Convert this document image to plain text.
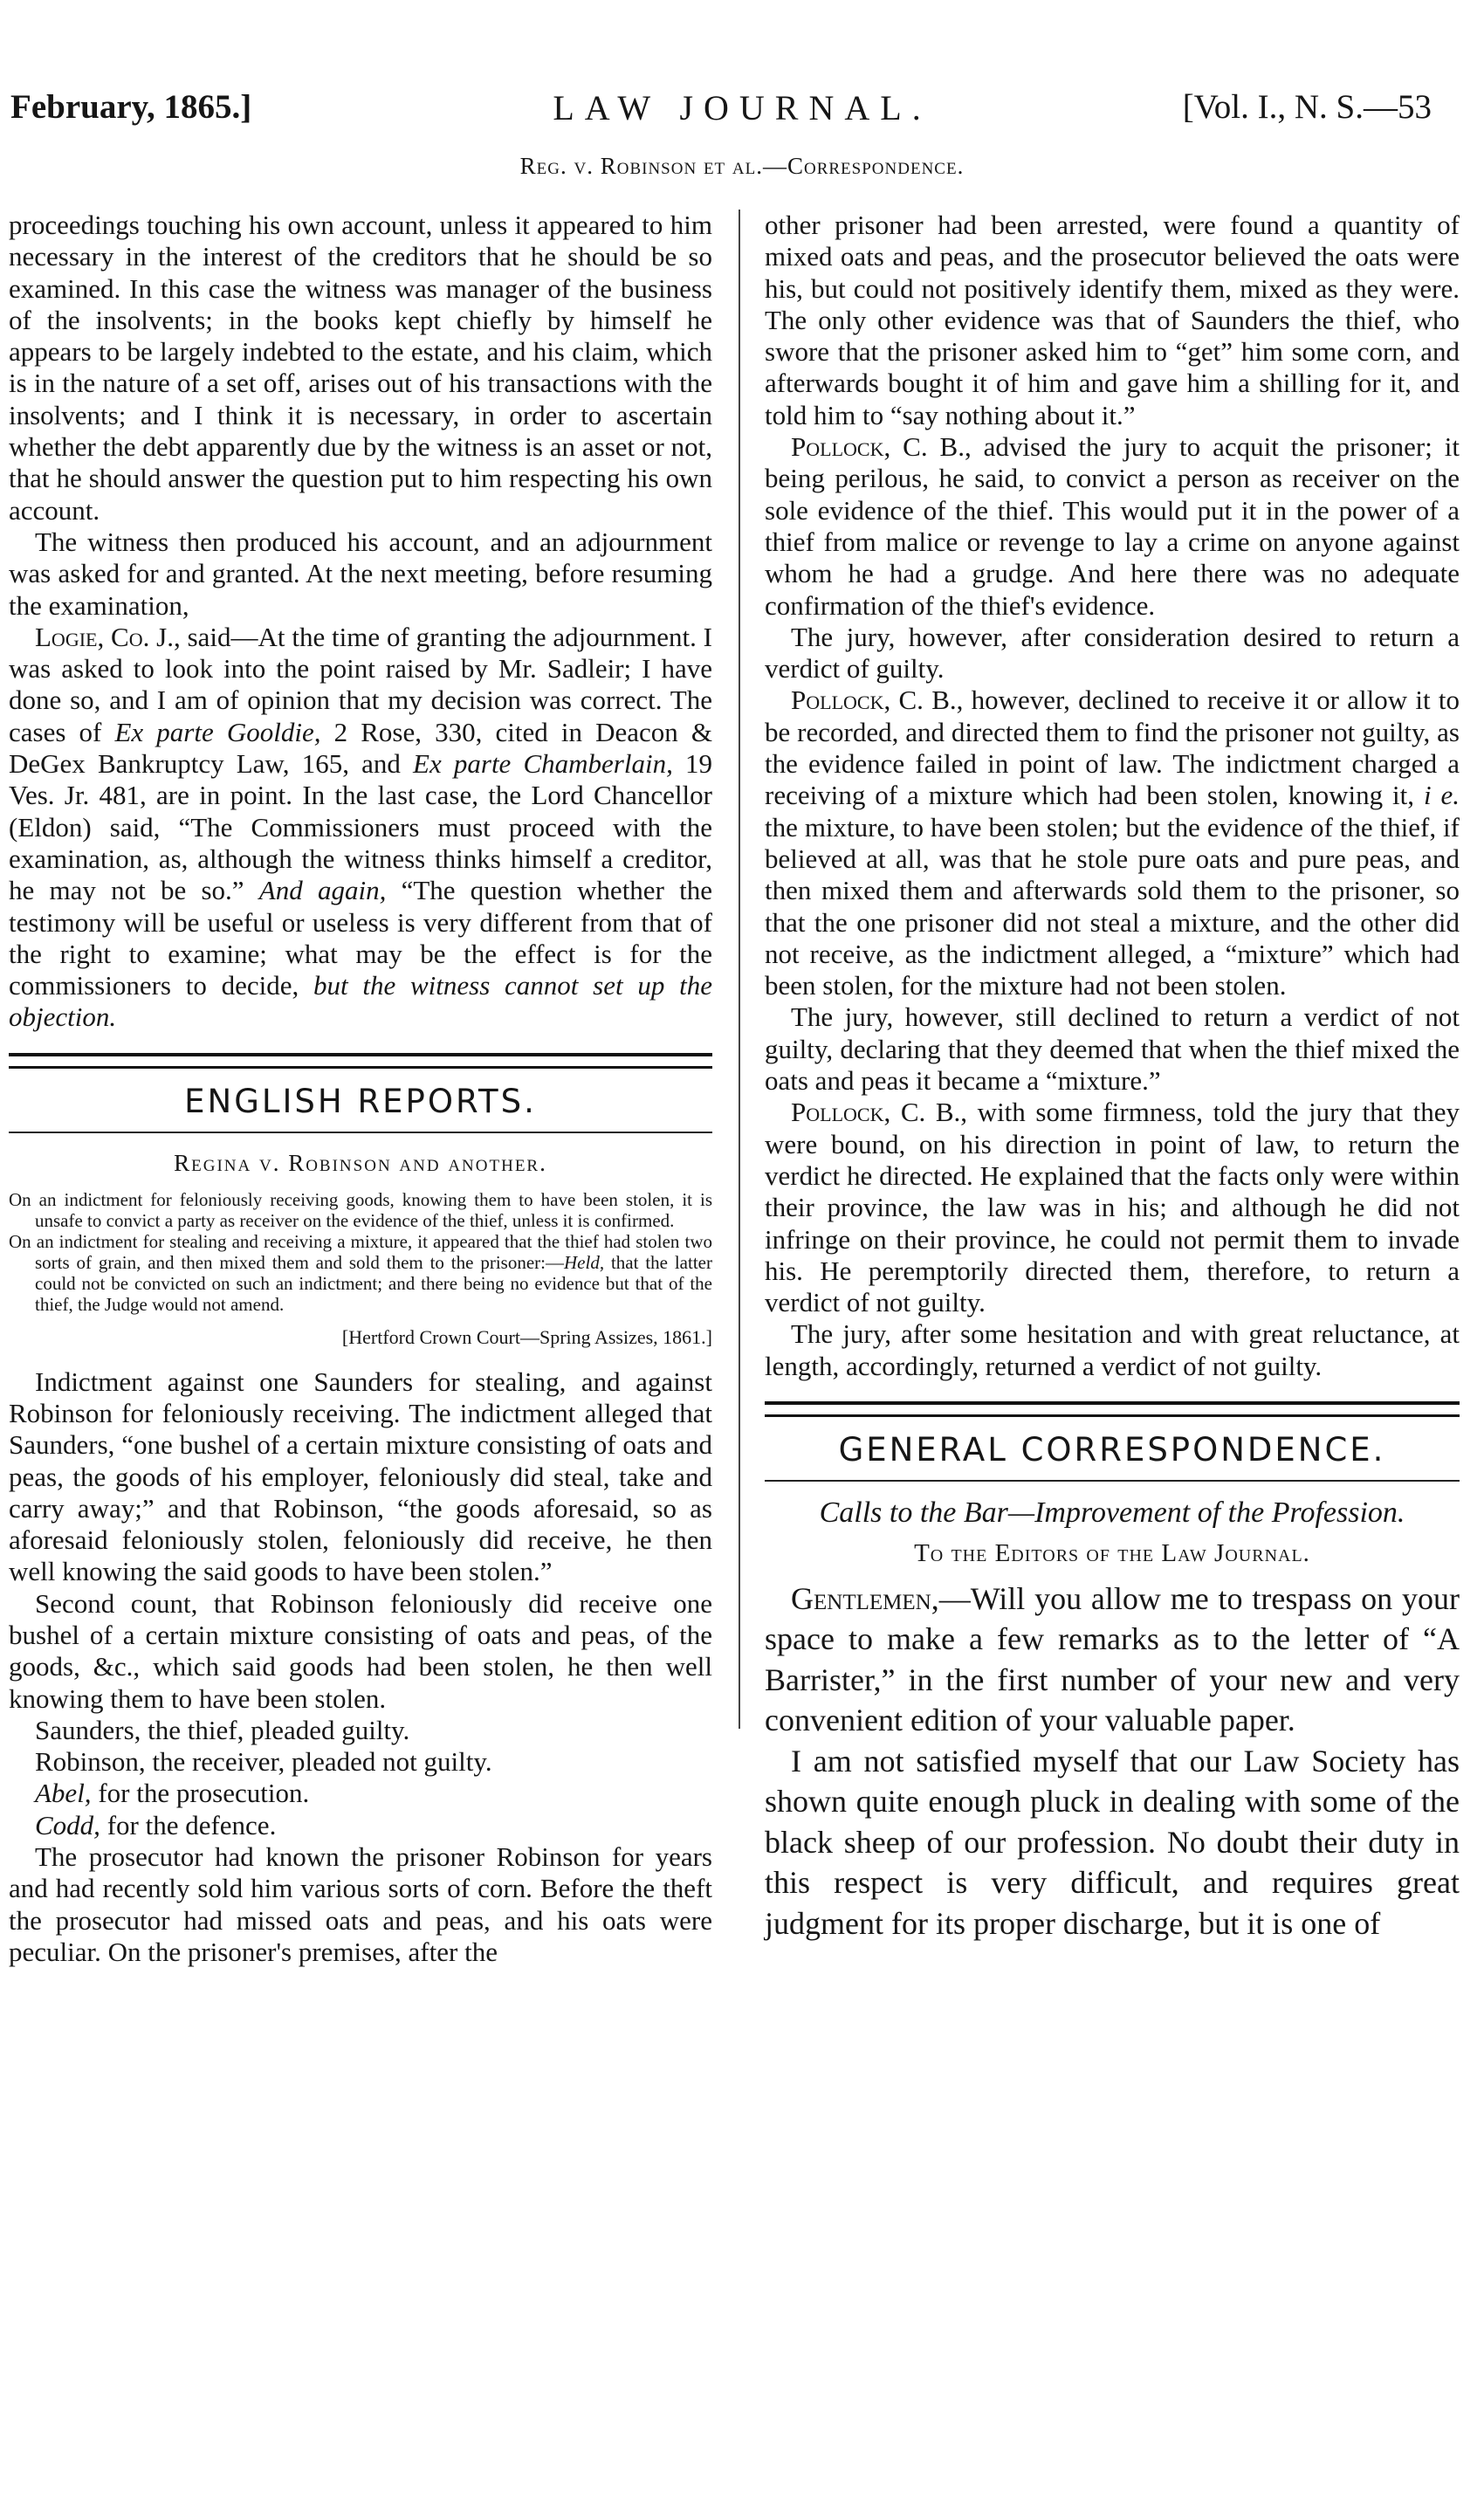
February, 1865.]	LAW JOURNAL.	[Vol. I., N. S.—53
Reg. v. Robinson et al.—Correspondence.

proceedings touching his own account, unless it appeared to him necessary in the interest of the creditors that he should be so examined. In this case the witness was manager of the business of the insolvents; in the books kept chiefly by himself he appears to be largely indebted to the estate, and his claim, which is in the nature of a set off, arises out of his transactions with the insolvents; and I think it is necessary, in order to ascertain whether the debt apparently due by the witness is an asset or not, that he should answer the question put to him respecting his own account.

The witness then produced his account, and an adjournment was asked for and granted. At the next meeting, before resuming the examination,

Logie, Co. J., said—At the time of granting the adjournment. I was asked to look into the point raised by Mr. Sadleir; I have done so, and I am of opinion that my decision was correct. The cases of Ex parte Gooldie, 2 Rose, 330, cited in Deacon & DeGex Bankruptcy Law, 165, and Ex parte Chamberlain, 19 Ves. Jr. 481, are in point. In the last case, the Lord Chancellor (Eldon) said, “The Commissioners must proceed with the examination, as, although the witness thinks himself a creditor, he may not be so.” And again, “The question whether the testimony will be useful or useless is very different from that of the right to examine; what may be the effect is for the commissioners to decide, but the witness cannot set up the objection.

ENGLISH REPORTS.
Regina v. Robinson and another.

On an indictment for feloniously receiving goods, knowing them to have been stolen, it is unsafe to convict a party as receiver on the evidence of the thief, unless it is confirmed.

On an indictment for stealing and receiving a mixture, it appeared that the thief had stolen two sorts of grain, and then mixed them and sold them to the prisoner:—Held, that the latter could not be convicted on such an indictment; and there being no evidence but that of the thief, the Judge would not amend.

[Hertford Crown Court—Spring Assizes, 1861.]

Indictment against one Saunders for stealing, and against Robinson for feloniously receiving. The indictment alleged that Saunders, “one bushel of a certain mixture consisting of oats and peas, the goods of his employer, feloniously did steal, take and carry away;” and that Robinson, “the goods aforesaid, so as aforesaid feloniously stolen, feloniously did receive, he then well knowing the said goods to have been stolen.”

Second count, that Robinson feloniously did receive one bushel of a certain mixture consisting of oats and peas, of the goods, &c., which said goods had been stolen, he then well knowing them to have been stolen.

Saunders, the thief, pleaded guilty.

Robinson, the receiver, pleaded not guilty.

Abel, for the prosecution.

Codd, for the defence.

The prosecutor had known the prisoner Robinson for years and had recently sold him various sorts of corn. Before the theft the prosecutor had missed oats and peas, and his oats were peculiar. On the prisoner's premises, after the

other prisoner had been arrested, were found a quantity of mixed oats and peas, and the prosecutor believed the oats were his, but could not positively identify them, mixed as they were. The only other evidence was that of Saunders the thief, who swore that the prisoner asked him to “get” him some corn, and afterwards bought it of him and gave him a shilling for it, and told him to “say nothing about it.”

Pollock, C. B., advised the jury to acquit the prisoner; it being perilous, he said, to convict a person as receiver on the sole evidence of the thief. This would put it in the power of a thief from malice or revenge to lay a crime on anyone against whom he had a grudge. And here there was no adequate confirmation of the thief's evidence.

The jury, however, after consideration desired to return a verdict of guilty.

Pollock, C. B., however, declined to receive it or allow it to be recorded, and directed them to find the prisoner not guilty, as the evidence failed in point of law. The indictment charged a receiving of a mixture which had been stolen, knowing it, i e. the mixture, to have been stolen; but the evidence of the thief, if believed at all, was that he stole pure oats and pure peas, and then mixed them and afterwards sold them to the prisoner, so that the one prisoner did not steal a mixture, and the other did not receive, as the indictment alleged, a “mixture” which had been stolen, for the mixture had not been stolen.

The jury, however, still declined to return a verdict of not guilty, declaring that they deemed that when the thief mixed the oats and peas it became a “mixture.”

Pollock, C. B., with some firmness, told the jury that they were bound, on his direction in point of law, to return the verdict he directed. He explained that the facts only were within their province, the law was in his; and although he did not infringe on their province, he could not permit them to invade his. He peremptorily directed them, therefore, to return a verdict of not guilty.

The jury, after some hesitation and with great reluctance, at length, accordingly, returned a verdict of not guilty.

GENERAL CORRESPONDENCE.
Calls to the Bar—Improvement of the Profession.
To the Editors of the Law Journal.

Gentlemen,—Will you allow me to trespass on your space to make a few remarks as to the letter of “A Barrister,” in the first number of your new and very convenient edition of your valuable paper.

I am not satisfied myself that our Law Society has shown quite enough pluck in dealing with some of the black sheep of our profession. No doubt their duty in this respect is very difficult, and requires great judgment for its proper discharge, but it is one of
